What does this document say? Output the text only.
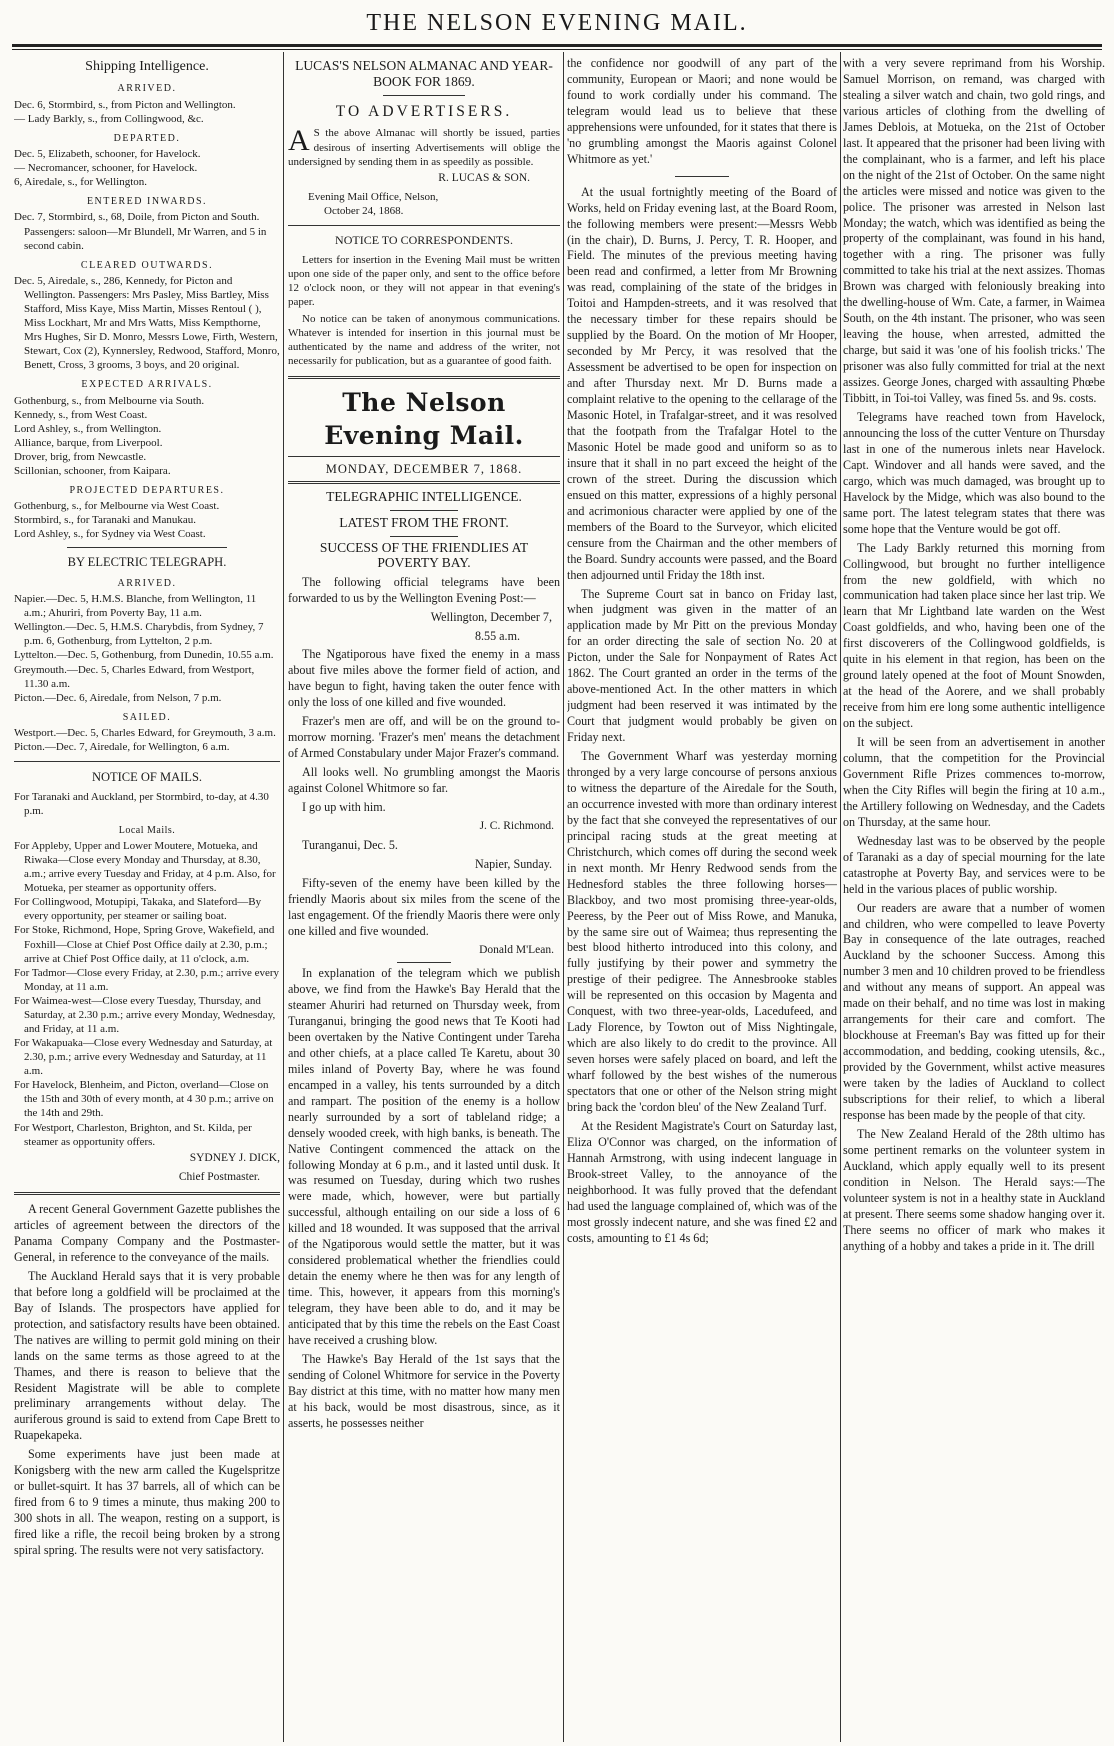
THE NELSON EVENING MAIL.
Shipping Intelligence.
ARRIVED.

Dec. 6, Stormbird, s., from Picton and Wellington.

— Lady Barkly, s., from Collingwood, &c.

DEPARTED.

Dec. 5, Elizabeth, schooner, for Havelock.

— Necromancer, schooner, for Havelock.

6, Airedale, s., for Wellington.

ENTERED INWARDS.

Dec. 7, Stormbird, s., 68, Doile, from Picton and South. Passengers: saloon—Mr Blundell, Mr Warren, and 5 in second cabin.

CLEARED OUTWARDS.

Dec. 5, Airedale, s., 286, Kennedy, for Picton and Wellington. Passengers: Mrs Pasley, Miss Bartley, Miss Stafford, Miss Kaye, Miss Martin, Misses Rentoul ( ), Miss Lockhart, Mr and Mrs Watts, Miss Kempthorne, Mrs Hughes, Sir D. Monro, Messrs Lowe, Firth, Western, Stewart, Cox (2), Kynnersley, Redwood, Stafford, Monro, Benett, Cross, 3 grooms, 3 boys, and 20 original.

EXPECTED ARRIVALS.

Gothenburg, s., from Melbourne via South.

Kennedy, s., from West Coast.

Lord Ashley, s., from Wellington.

Alliance, barque, from Liverpool.

Drover, brig, from Newcastle.

Scillonian, schooner, from Kaipara.

PROJECTED DEPARTURES.

Gothenburg, s., for Melbourne via West Coast.

Stormbird, s., for Taranaki and Manukau.

Lord Ashley, s., for Sydney via West Coast.

BY ELECTRIC TELEGRAPH.
ARRIVED.

Napier.—Dec. 5, H.M.S. Blanche, from Wellington, 11 a.m.; Ahuriri, from Poverty Bay, 11 a.m.

Wellington.—Dec. 5, H.M.S. Charybdis, from Sydney, 7 p.m. 6, Gothenburg, from Lyttelton, 2 p.m.

Lyttelton.—Dec. 5, Gothenburg, from Dunedin, 10.55 a.m.

Greymouth.—Dec. 5, Charles Edward, from Westport, 11.30 a.m.

Picton.—Dec. 6, Airedale, from Nelson, 7 p.m.

SAILED.

Westport.—Dec. 5, Charles Edward, for Greymouth, 3 a.m.

Picton.—Dec. 7, Airedale, for Wellington, 6 a.m.

NOTICE OF MAILS.

For Taranaki and Auckland, per Stormbird, to-day, at 4.30 p.m.

Local Mails.

For Appleby, Upper and Lower Moutere, Motueka, and Riwaka—Close every Monday and Thursday, at 8.30, a.m.; arrive every Tuesday and Friday, at 4 p.m. Also, for Motueka, per steamer as opportunity offers.

For Collingwood, Motupipi, Takaka, and Slateford—By every opportunity, per steamer or sailing boat.

For Stoke, Richmond, Hope, Spring Grove, Wakefield, and Foxhill—Close at Chief Post Office daily at 2.30, p.m.; arrive at Chief Post Office daily, at 11 o'clock, a.m.

For Tadmor—Close every Friday, at 2.30, p.m.; arrive every Monday, at 11 a.m.

For Waimea-west—Close every Tuesday, Thursday, and Saturday, at 2.30 p.m.; arrive every Monday, Wednesday, and Friday, at 11 a.m.

For Wakapuaka—Close every Wednesday and Saturday, at 2.30, p.m.; arrive every Wednesday and Saturday, at 11 a.m.

For Havelock, Blenheim, and Picton, overland—Close on the 15th and 30th of every month, at 4 30 p.m.; arrive on the 14th and 29th.

For Westport, Charleston, Brighton, and St. Kilda, per steamer as opportunity offers.

SYDNEY J. DICK,
Chief Postmaster.

A recent General Government Gazette publishes the articles of agreement between the directors of the Panama Company Company and the Postmaster-General, in reference to the conveyance of the mails.

The Auckland Herald says that it is very probable that before long a goldfield will be proclaimed at the Bay of Islands. The prospectors have applied for protection, and satisfactory results have been obtained. The natives are willing to permit gold mining on their lands on the same terms as those agreed to at the Thames, and there is reason to believe that the Resident Magistrate will be able to complete preliminary arrangements without delay. The auriferous ground is said to extend from Cape Brett to Ruapekapeka.

Some experiments have just been made at Konigsberg with the new arm called the Kugelspritze or bullet-squirt. It has 37 barrels, all of which can be fired from 6 to 9 times a minute, thus making 200 to 300 shots in all. The weapon, resting on a support, is fired like a rifle, the recoil being broken by a strong spiral spring. The results were not very satisfactory.

LUCAS'S NELSON ALMANAC AND YEAR-BOOK FOR 1869.
TO ADVERTISERS.
A S the above Almanac will shortly be issued, parties desirous of inserting Advertisements will oblige the undersigned by sending them in as speedily as possible.
R. LUCAS & SON.
Evening Mail Office, Nelson,
October 24, 1868.
NOTICE TO CORRESPONDENTS.

Letters for insertion in the Evening Mail must be written upon one side of the paper only, and sent to the office before 12 o'clock noon, or they will not appear in that evening's paper.

No notice can be taken of anonymous communications. Whatever is intended for insertion in this journal must be authenticated by the name and address of the writer, not necessarily for publication, but as a guarantee of good faith.

The Nelson Evening Mail.
MONDAY, DECEMBER 7, 1868.
TELEGRAPHIC INTELLIGENCE.
LATEST FROM THE FRONT.
SUCCESS OF THE FRIENDLIES AT POVERTY BAY.

The following official telegrams have been forwarded to us by the Wellington Evening Post:—

Wellington, December 7,

8.55 a.m.

The Ngatiporous have fixed the enemy in a mass about five miles above the former field of action, and have begun to fight, having taken the outer fence with only the loss of one killed and five wounded.

Frazer's men are off, and will be on the ground to-morrow morning. 'Frazer's men' means the detachment of Armed Constabulary under Major Frazer's command.

All looks well. No grumbling amongst the Maoris against Colonel Whitmore so far.

I go up with him.

J. C. Richmond.

Turanganui, Dec. 5.

Napier, Sunday.

Fifty-seven of the enemy have been killed by the friendly Maoris about six miles from the scene of the last engagement. Of the friendly Maoris there were only one killed and five wounded.

Donald M'Lean.

In explanation of the telegram which we publish above, we find from the Hawke's Bay Herald that the steamer Ahuriri had returned on Thursday week, from Turanganui, bringing the good news that Te Kooti had been overtaken by the Native Contingent under Tareha and other chiefs, at a place called Te Karetu, about 30 miles inland of Poverty Bay, where he was found encamped in a valley, his tents surrounded by a ditch and rampart. The position of the enemy is a hollow nearly surrounded by a sort of tableland ridge; a densely wooded creek, with high banks, is beneath. The Native Contingent commenced the attack on the following Monday at 6 p.m., and it lasted until dusk. It was resumed on Tuesday, during which two rushes were made, which, however, were but partially successful, although entailing on our side a loss of 6 killed and 18 wounded. It was supposed that the arrival of the Ngatiporous would settle the matter, but it was considered problematical whether the friendlies could detain the enemy where he then was for any length of time. This, however, it appears from this morning's telegram, they have been able to do, and it may be anticipated that by this time the rebels on the East Coast have received a crushing blow.

The Hawke's Bay Herald of the 1st says that the sending of Colonel Whitmore for service in the Poverty Bay district at this time, with no matter how many men at his back, would be most disastrous, since, as it asserts, he possesses neither

the confidence nor goodwill of any part of the community, European or Maori; and none would be found to work cordially under his command. The telegram would lead us to believe that these apprehensions were unfounded, for it states that there is 'no grumbling amongst the Maoris against Colonel Whitmore as yet.'

At the usual fortnightly meeting of the Board of Works, held on Friday evening last, at the Board Room, the following members were present:—Messrs Webb (in the chair), D. Burns, J. Percy, T. R. Hooper, and Field. The minutes of the previous meeting having been read and confirmed, a letter from Mr Browning was read, complaining of the state of the bridges in Toitoi and Hampden-streets, and it was resolved that the necessary timber for these repairs should be supplied by the Board. On the motion of Mr Hooper, seconded by Mr Percy, it was resolved that the Assessment be advertised to be open for inspection on and after Thursday next. Mr D. Burns made a complaint relative to the opening to the cellarage of the Masonic Hotel, in Trafalgar-street, and it was resolved that the footpath from the Trafalgar Hotel to the Masonic Hotel be made good and uniform so as to insure that it shall in no part exceed the height of the crown of the street. During the discussion which ensued on this matter, expressions of a highly personal and acrimonious character were applied by one of the members of the Board to the Surveyor, which elicited censure from the Chairman and the other members of the Board. Sundry accounts were passed, and the Board then adjourned until Friday the 18th inst.

The Supreme Court sat in banco on Friday last, when judgment was given in the matter of an application made by Mr Pitt on the previous Monday for an order directing the sale of section No. 20 at Picton, under the Sale for Nonpayment of Rates Act 1862. The Court granted an order in the terms of the above-mentioned Act. In the other matters in which judgment had been reserved it was intimated by the Court that judgment would probably be given on Friday next.

The Government Wharf was yesterday morning thronged by a very large concourse of persons anxious to witness the departure of the Airedale for the South, an occurrence invested with more than ordinary interest by the fact that she conveyed the representatives of our principal racing studs at the great meeting at Christchurch, which comes off during the second week in next month. Mr Henry Redwood sends from the Hednesford stables the three following horses—Blackboy, and two most promising three-year-olds, Peeress, by the Peer out of Miss Rowe, and Manuka, by the same sire out of Waimea; thus representing the best blood hitherto introduced into this colony, and fully justifying by their power and symmetry the prestige of their pedigree. The Annesbrooke stables will be represented on this occasion by Magenta and Conquest, with two three-year-olds, Lacedufeed, and Lady Florence, by Towton out of Miss Nightingale, which are also likely to do credit to the province. All seven horses were safely placed on board, and left the wharf followed by the best wishes of the numerous spectators that one or other of the Nelson string might bring back the 'cordon bleu' of the New Zealand Turf.

At the Resident Magistrate's Court on Saturday last, Eliza O'Connor was charged, on the information of Hannah Armstrong, with using indecent language in Brook-street Valley, to the annoyance of the neighborhood. It was fully proved that the defendant had used the language complained of, which was of the most grossly indecent nature, and she was fined £2 and costs, amounting to £1 4s 6d;

with a very severe reprimand from his Worship. Samuel Morrison, on remand, was charged with stealing a silver watch and chain, two gold rings, and various articles of clothing from the dwelling of James Deblois, at Motueka, on the 21st of October last. It appeared that the prisoner had been living with the complainant, who is a farmer, and left his place on the night of the 21st of October. On the same night the articles were missed and notice was given to the police. The prisoner was arrested in Nelson last Monday; the watch, which was identified as being the property of the complainant, was found in his hand, together with a ring. The prisoner was fully committed to take his trial at the next assizes. Thomas Brown was charged with feloniously breaking into the dwelling-house of Wm. Cate, a farmer, in Waimea South, on the 4th instant. The prisoner, who was seen leaving the house, when arrested, admitted the charge, but said it was 'one of his foolish tricks.' The prisoner was also fully committed for trial at the next assizes. George Jones, charged with assaulting Phœbe Tibbitt, in Toi-toi Valley, was fined 5s. and 9s. costs.

Telegrams have reached town from Havelock, announcing the loss of the cutter Venture on Thursday last in one of the numerous inlets near Havelock. Capt. Windover and all hands were saved, and the cargo, which was much damaged, was brought up to Havelock by the Midge, which was also bound to the same port. The latest telegram states that there was some hope that the Venture would be got off.

The Lady Barkly returned this morning from Collingwood, but brought no further intelligence from the new goldfield, with which no communication had taken place since her last trip. We learn that Mr Lightband late warden on the West Coast goldfields, and who, having been one of the first discoverers of the Collingwood goldfields, is quite in his element in that region, has been on the ground lately opened at the foot of Mount Snowden, at the head of the Aorere, and we shall probably receive from him ere long some authentic intelligence on the subject.

It will be seen from an advertisement in another column, that the competition for the Provincial Government Rifle Prizes commences to-morrow, when the City Rifles will begin the firing at 10 a.m., the Artillery following on Wednesday, and the Cadets on Thursday, at the same hour.

Wednesday last was to be observed by the people of Taranaki as a day of special mourning for the late catastrophe at Poverty Bay, and services were to be held in the various places of public worship.

Our readers are aware that a number of women and children, who were compelled to leave Poverty Bay in consequence of the late outrages, reached Auckland by the schooner Success. Among this number 3 men and 10 children proved to be friendless and without any means of support. An appeal was made on their behalf, and no time was lost in making arrangements for their care and comfort. The blockhouse at Freeman's Bay was fitted up for their accommodation, and bedding, cooking utensils, &c., provided by the Government, whilst active measures were taken by the ladies of Auckland to collect subscriptions for their relief, to which a liberal response has been made by the people of that city.

The New Zealand Herald of the 28th ultimo has some pertinent remarks on the volunteer system in Auckland, which apply equally well to its present condition in Nelson. The Herald says:—The volunteer system is not in a healthy state in Auckland at present. There seems some shadow hanging over it. There seems no officer of mark who makes it anything of a hobby and takes a pride in it. The drill
